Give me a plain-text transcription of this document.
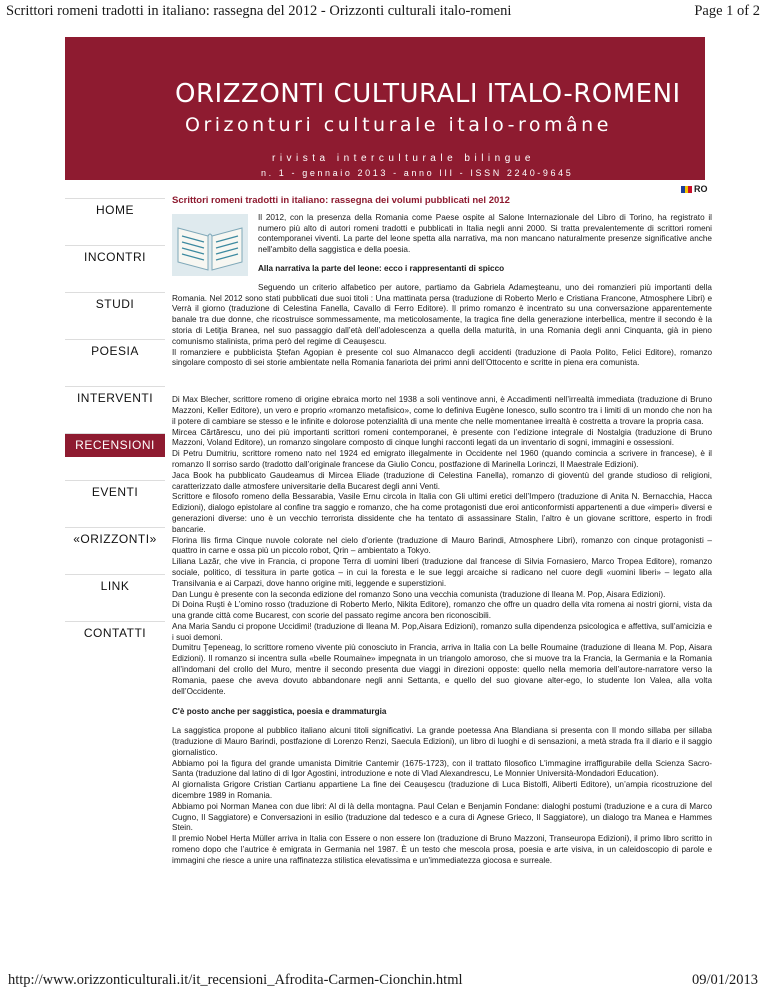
Scrittori romeni tradotti in italiano: rassegna del 2012 - Orizzonti culturali italo-romeni	Page 1 of 2
ORIZZONTI CULTURALI ITALO-ROMENI
Orizonturi culturale italo-române
rivista interculturale bilingue
n. 1 - gennaio 2013 - anno III - ISSN 2240-9645
RO
HOME
INCONTRI
STUDI
POESIA
INTERVENTI
RECENSIONI
EVENTI
«ORIZZONTI»
LINK
CONTATTI
Scrittori romeni tradotti in italiano: rassegna dei volumi pubblicati nel 2012

Il 2012, con la presenza della Romania come Paese ospite al Salone Internazionale del Libro di Torino, ha registrato il numero più alto di autori romeni tradotti e pubblicati in Italia negli anni 2000. Si tratta prevalentemente di scrittori romeni contemporanei viventi. La parte del leone spetta alla narrativa, ma non mancano naturalmente presenze significative anche nell'ambito della saggistica e della poesia.

Alla narrativa la parte del leone: ecco i rappresentanti di spicco

Seguendo un criterio alfabetico per autore, partiamo da Gabriela Adameşteanu, uno dei romanzieri più importanti della Romania. Nel 2012 sono stati pubblicati due suoi titoli : Una mattinata persa (traduzione di Roberto Merlo e Cristiana Francone, Atmosphere Libri) e Verrà il giorno (traduzione di Celestina Fanella, Cavallo di Ferro Editore). Il primo romanzo è incentrato su una conversazione apparentemente banale tra due donne, che ricostruisce sommessamente, ma meticolosamente, la tragica fine della generazione interbellica, mentre il secondo è la storia di Letiţia Branea, nel suo passaggio dall’età dell’adolescenza a quella della maturità, in una Romania degli anni Cinquanta, già in pieno comunismo stalinista, prima però del regime di Ceauşescu.

Il romanziere e pubblicista Ştefan Agopian è presente col suo Almanacco degli accidenti (traduzione di Paola Polito, Felici Editore), romanzo singolare composto di sei storie ambientate nella Romania fanariota dei primi anni dell’Ottocento e scritte in piena era comunista.

Di Max Blecher, scrittore romeno di origine ebraica morto nel 1938 a soli ventinove anni, è Accadimenti nell’irrealtà immediata (traduzione di Bruno Mazzoni, Keller Editore), un vero e proprio «romanzo metafisico», come lo definiva Eugène Ionesco, sullo scontro tra i limiti di un mondo che non ha il potere di cambiare se stesso e le infinite e dolorose potenzialità di una mente che nelle momentanee irrealtà è costretta a trovare la propria casa.

Mircea Cărtărescu, uno dei più importanti scrittori romeni contemporanei, è presente con l’edizione integrale di Nostalgia (traduzione di Bruno Mazzoni, Voland Editore), un romanzo singolare composto di cinque lunghi racconti legati da un inventario di sogni, immagini e ossessioni.

Di Petru Dumitriu, scrittore romeno nato nel 1924 ed emigrato illegalmente in Occidente nel 1960 (quando comincia a scrivere in francese), è il romanzo Il sorriso sardo (tradotto dall’originale francese da Giulio Concu, postfazione di Marinella Lorinczi, Il Maestrale Edizioni).

Jaca Book ha pubblicato Gaudeamus di Mircea Eliade (traduzione di Celestina Fanella), romanzo di gioventù del grande studioso di religioni, caratterizzato dalle atmosfere universitarie della Bucarest degli anni Venti.

Scrittore e filosofo romeno della Bessarabia, Vasile Ernu circola in Italia con Gli ultimi eretici dell’Impero (traduzione di Anita N. Bernacchia, Hacca Edizioni), dialogo epistolare al confine tra saggio e romanzo, che ha come protagonisti due eroi anticonformisti appartenenti a due «imperi» diversi e generazioni diverse: uno è un vecchio terrorista dissidente che ha tentato di assassinare Stalin, l’altro è un giovane scrittore, esperto in frodi bancarie.

Florina Ilis firma Cinque nuvole colorate nel cielo d’oriente (traduzione di Mauro Barindi, Atmosphere Libri), romanzo con cinque protagonisti – quattro in carne e ossa più un piccolo robot, Qrin – ambientato a Tokyo.

Liliana Lazăr, che vive in Francia, ci propone Terra di uomini liberi (traduzione dal francese di Silvia Fornasiero, Marco Tropea Editore), romanzo sociale, politico, di tessitura in parte gotica – in cui la foresta e le sue leggi arcaiche si radicano nel cuore degli «uomini liberi» – legato alla Transilvania e ai Carpazi, dove hanno origine miti, leggende e superstizioni.

Dan Lungu è presente con la seconda edizione del romanzo Sono una vecchia comunista (traduzione di Ileana M. Pop, Aisara Edizioni).

Di Doina Ruşti è L’omino rosso (traduzione di Roberto Merlo, Nikita Editore), romanzo che offre un quadro della vita romena ai nostri giorni, vista da una grande città come Bucarest, con scorie del passato regime ancora ben riconoscibili.

Ana Maria Sandu ci propone Uccidimi! (traduzione di Ileana M. Pop,Aisara Edizioni), romanzo sulla dipendenza psicologica e affettiva, sull’amicizia e i suoi demoni.

Dumitru Ţepeneag, lo scrittore romeno vivente più conosciuto in Francia, arriva in Italia con La belle Roumaine (traduzione di Ileana M. Pop, Aisara Edizioni). Il romanzo si incentra sulla «belle Roumaine» impegnata in un triangolo amoroso, che si muove tra la Francia, la Germania e la Romania all’indomani del crollo del Muro, mentre il secondo presenta due viaggi in direzioni opposte: quello nella memoria dell’autore-narratore verso la Romania, paese che aveva dovuto abbandonare negli anni Settanta, e quello del suo giovane alter-ego, lo studente Ion Valea, alla volta dell’Occidente.

C'è posto anche per saggistica, poesia e drammaturgia

La saggistica propone al pubblico italiano alcuni titoli significativi. La grande poetessa Ana Blandiana si presenta con Il mondo sillaba per sillaba (traduzione di Mauro Barindi, postfazione di Lorenzo Renzi, Saecula Edizioni), un libro di luoghi e di sensazioni, a metà strada fra il diario e il saggio giornalistico.

Abbiamo poi la figura del grande umanista Dimitrie Cantemir (1675-1723), con il trattato filosofico L'immagine irraffigurabile della Scienza Sacro-Santa (traduzione dal latino di di Igor Agostini, introduzione e note di Vlad Alexandrescu, Le Monnier Università-Mondadori Education).

Al giornalista Grigore Cristian Cartianu appartiene La fine dei Ceauşescu (traduzione di Luca Bistolfi, Aliberti Editore), un’ampia ricostruzione del dicembre 1989 in Romania.

Abbiamo poi Norman Manea con due libri: Al di là della montagna. Paul Celan e Benjamin Fondane: dialoghi postumi (traduzione e a cura di Marco Cugno, Il Saggiatore) e Conversazioni in esilio (traduzione dal tedesco e a cura di Agnese Grieco, Il Saggiatore), un dialogo tra Manea e Hammes Stein.

Il premio Nobel Herta Müller arriva in Italia con Essere o non essere Ion (traduzione di Bruno Mazzoni, Transeuropa Edizioni), il primo libro scritto in romeno dopo che l’autrice è emigrata in Germania nel 1987. È un testo che mescola prosa, poesia e arte visiva, in un caleidoscopio di parole e immagini che riesce a unire una raffinatezza stilistica elevatissima e un'immediatezza giocosa e surreale.

http://www.orizzonticulturali.it/it_recensioni_Afrodita-Carmen-Cionchin.html	09/01/2013
